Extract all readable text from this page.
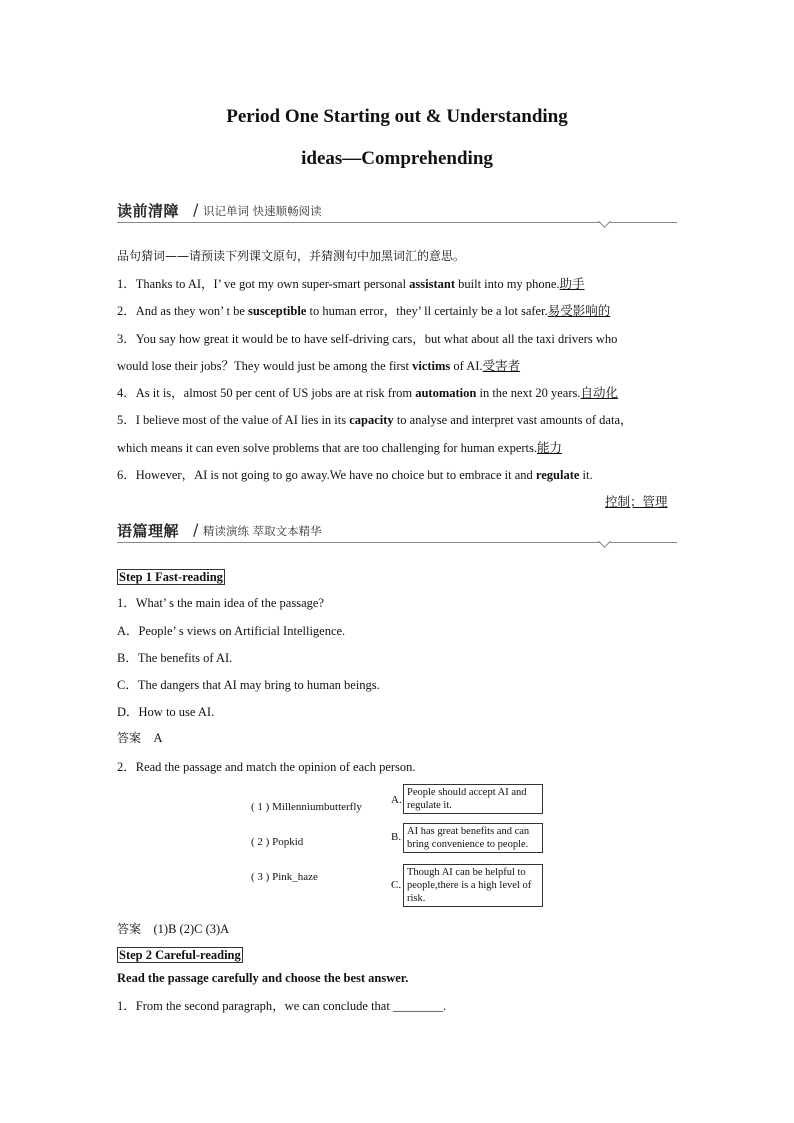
Period One Starting out & Understanding
ideas—Comprehending
读前清障 / 识记单词 快速顺畅阅读
品句猜词——请预读下列课文原句，并猜测句中加黑词汇的意思。
1．Thanks to AI，I’ ve got my own super-smart personal assistant built into my phone.助手
2．And as they won’ t be susceptible to human error，they’ ll certainly be a lot safer.易受影响的
3．You say how great it would be to have self-driving cars，but what about all the taxi drivers who
would lose their jobs？They would just be among the first victims of AI.受害者
4．As it is，almost 50 per cent of US jobs are at risk from automation in the next 20 years.自动化
5．I believe most of the value of AI lies in its capacity to analyse and interpret vast amounts of data，
which means it can even solve problems that are too challenging for human experts.能力
6．However，AI is not going to go away.We have no choice but to embrace it and regulate it.
控制；管理
语篇理解 / 精读演练 萃取文本精华
Step 1 Fast-reading
1．What’ s the main idea of the passage?
A．People’ s views on Artificial Intelligence.
B．The benefits of AI.
C．The dangers that AI may bring to human beings.
D．How to use AI.
答案 A
2．Read the passage and match the opinion of each person.
( 1 ) Millenniumbutterfly
( 2 ) Popkid
( 3 ) Pink_haze
A.
People should accept AI and regulate it.
B. AI has great benefits and can bring convenience to people.
C.
Though AI can be helpful to people,there is a high level of risk.
答案 (1)B (2)C (3)A
Step 2 Careful-reading
Read the passage carefully and choose the best answer.
1．From the second paragraph，we can conclude that ________.
